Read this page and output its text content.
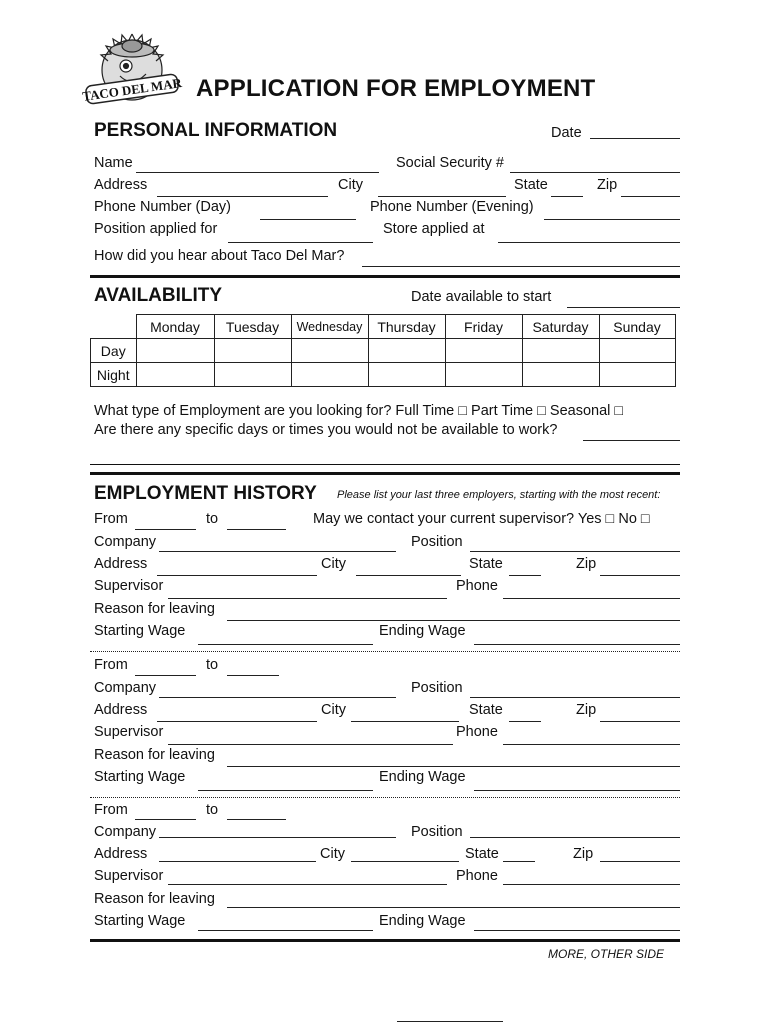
TACO DEL MAR APPLICATION FOR EMPLOYMENT
PERSONAL INFORMATION	Date
Name	Social Security #
Address	City	State	Zip
Phone Number (Day)	Phone Number (Evening)
Position applied for	Store applied at
How did you hear about Taco Del Mar?
AVAILABILITY	Date available to start
	Monday	Tuesday	Wednesday	Thursday	Friday	Saturday	Sunday
Day							
Night							
What type of Employment are you looking for? Full Time □ Part Time □ Seasonal □
Are there any specific days or times you would not be available to work?
EMPLOYMENT HISTORY Please list your last three employers, starting with the most recent:
From	to	May we contact your current supervisor? Yes □ No □
Company	Position
Address	City	State	Zip
Supervisor	Phone
Reason for leaving
Starting Wage	Ending Wage
From	to
Company	Position
Address	City	State	Zip
Supervisor	Phone
Reason for leaving
Starting Wage	Ending Wage
From	to
Company	Position
Address	City	State	Zip
Supervisor	Phone
Reason for leaving
Starting Wage	Ending Wage
MORE, OTHER SIDE
